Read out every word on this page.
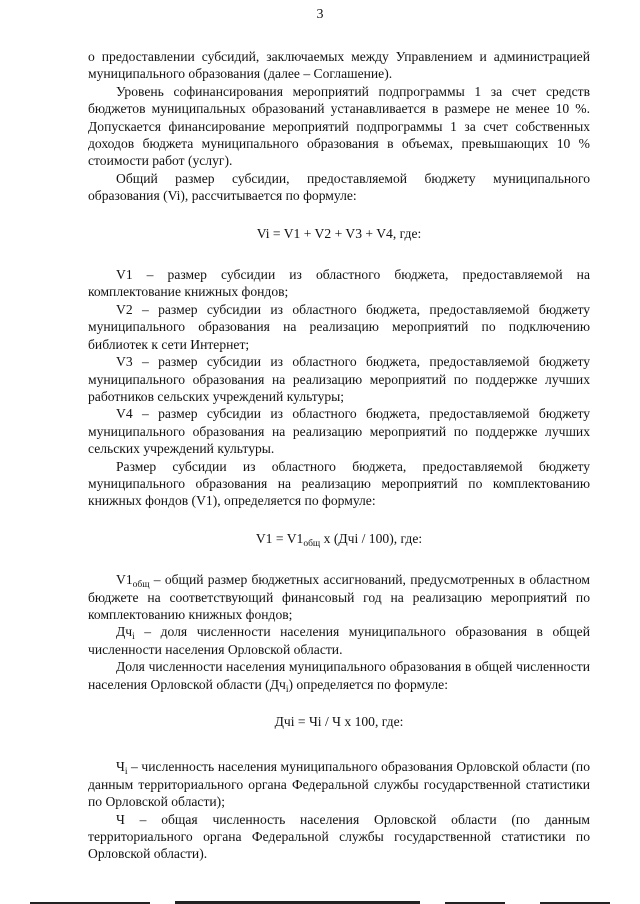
3

о предоставлении субсидий, заключаемых между Управлением и администрацией муниципального образования (далее – Соглашение).

Уровень софинансирования мероприятий подпрограммы 1 за счет средств бюджетов муниципальных образований устанавливается в размере не менее 10 %. Допускается финансирование мероприятий подпрограммы 1 за счет собственных доходов бюджета муниципального образования в объемах, превышающих 10 % стоимости работ (услуг).

Общий размер субсидии, предоставляемой бюджету муниципального образования (Vi), рассчитывается по формуле:

Vi = V1 + V2 + V3 + V4, где:

V1 – размер субсидии из областного бюджета, предоставляемой на комплектование книжных фондов;

V2 – размер субсидии из областного бюджета, предоставляемой бюджету муниципального образования на реализацию мероприятий по подключению библиотек к сети Интернет;

V3 – размер субсидии из областного бюджета, предоставляемой бюджету муниципального образования на реализацию мероприятий по поддержке лучших работников сельских учреждений культуры;

V4 – размер субсидии из областного бюджета, предоставляемой бюджету муниципального образования на реализацию мероприятий по поддержке лучших сельских учреждений культуры.

Размер субсидии из областного бюджета, предоставляемой бюджету муниципального образования на реализацию мероприятий по комплектованию книжных фондов (V1), определяется по формуле:

$V1 = V1_{общ}$ х (Дчi / 100), где:

$V1_{общ}$ – общий размер бюджетных ассигнований, предусмотренных в областном бюджете на соответствующий финансовый год на реализацию мероприятий по комплектованию книжных фондов;

$Дч_i$ – доля численности населения муниципального образования в общей численности населения Орловской области.

Доля численности населения муниципального образования в общей численности населения Орловской области $(Дч_i)$ определяется по формуле:

Дчi = Чi / Ч х 100, где:

$Ч_i$ – численность населения муниципального образования Орловской области (по данным территориального органа Федеральной службы государственной статистики по Орловской области);

Ч – общая численность населения Орловской области (по данным территориального органа Федеральной службы государственной статистики по Орловской области).
